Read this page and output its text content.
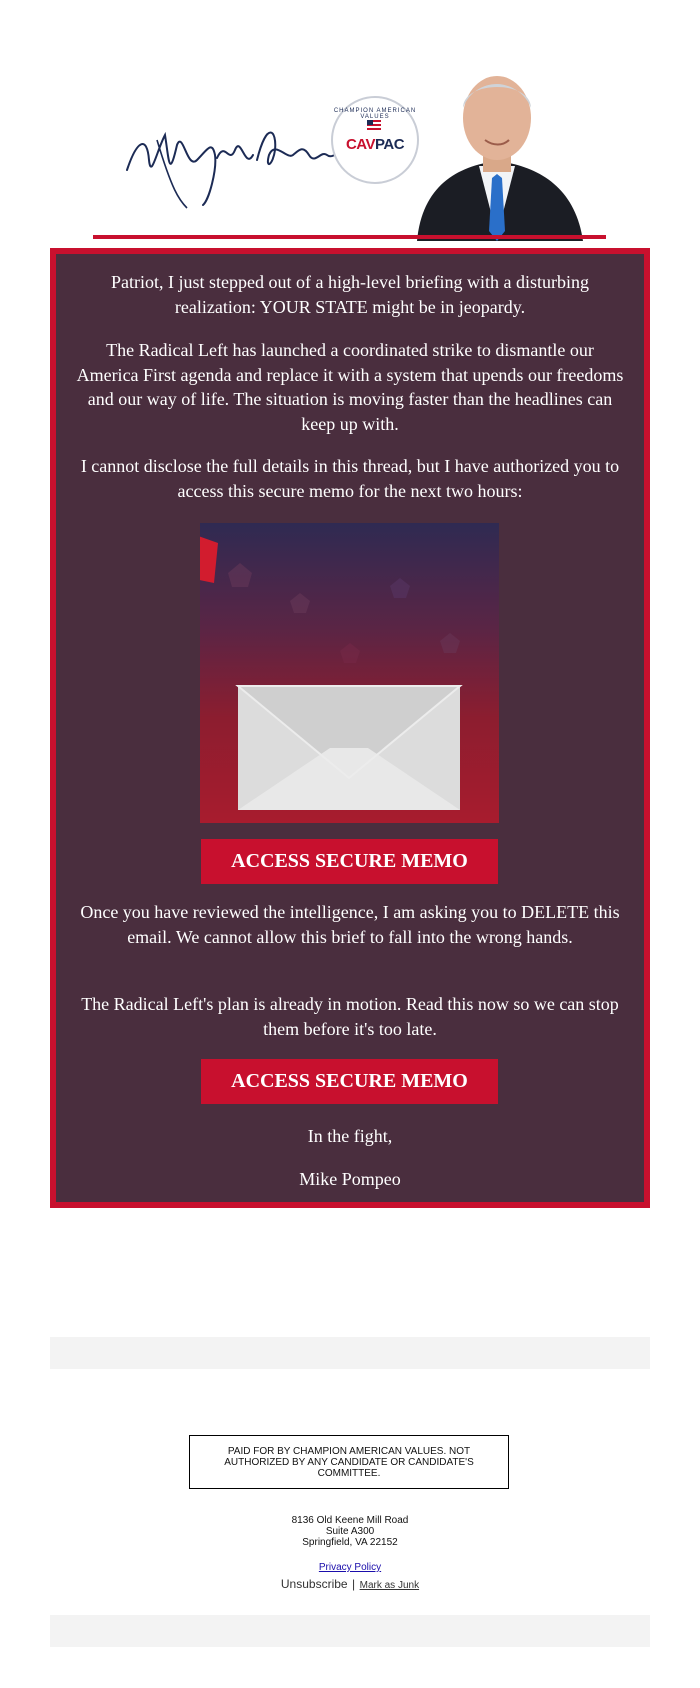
CHAMPION AMERICAN VALUES
CAVPAC

Patriot, I just stepped out of a high-level briefing with a disturbing realization: YOUR STATE might be in jeopardy.

The Radical Left has launched a coordinated strike to dismantle our America First agenda and replace it with a system that upends our freedoms and our way of life. The situation is moving faster than the headlines can keep up with.

I cannot disclose the full details in this thread, but I have authorized you to access this secure memo for the next two hours:

ACCESS SECURE MEMO

Once you have reviewed the intelligence, I am asking you to DELETE this email. We cannot allow this brief to fall into the wrong hands.

The Radical Left's plan is already in motion. Read this now so we can stop them before it's too late.

ACCESS SECURE MEMO

In the fight,

Mike Pompeo

PAID FOR BY CHAMPION AMERICAN VALUES. NOT AUTHORIZED BY ANY CANDIDATE OR CANDIDATE'S COMMITTEE.
8136 Old Keene Mill Road
Suite A300
Springfield, VA 22152
Privacy Policy
Unsubscribe | Mark as Junk
